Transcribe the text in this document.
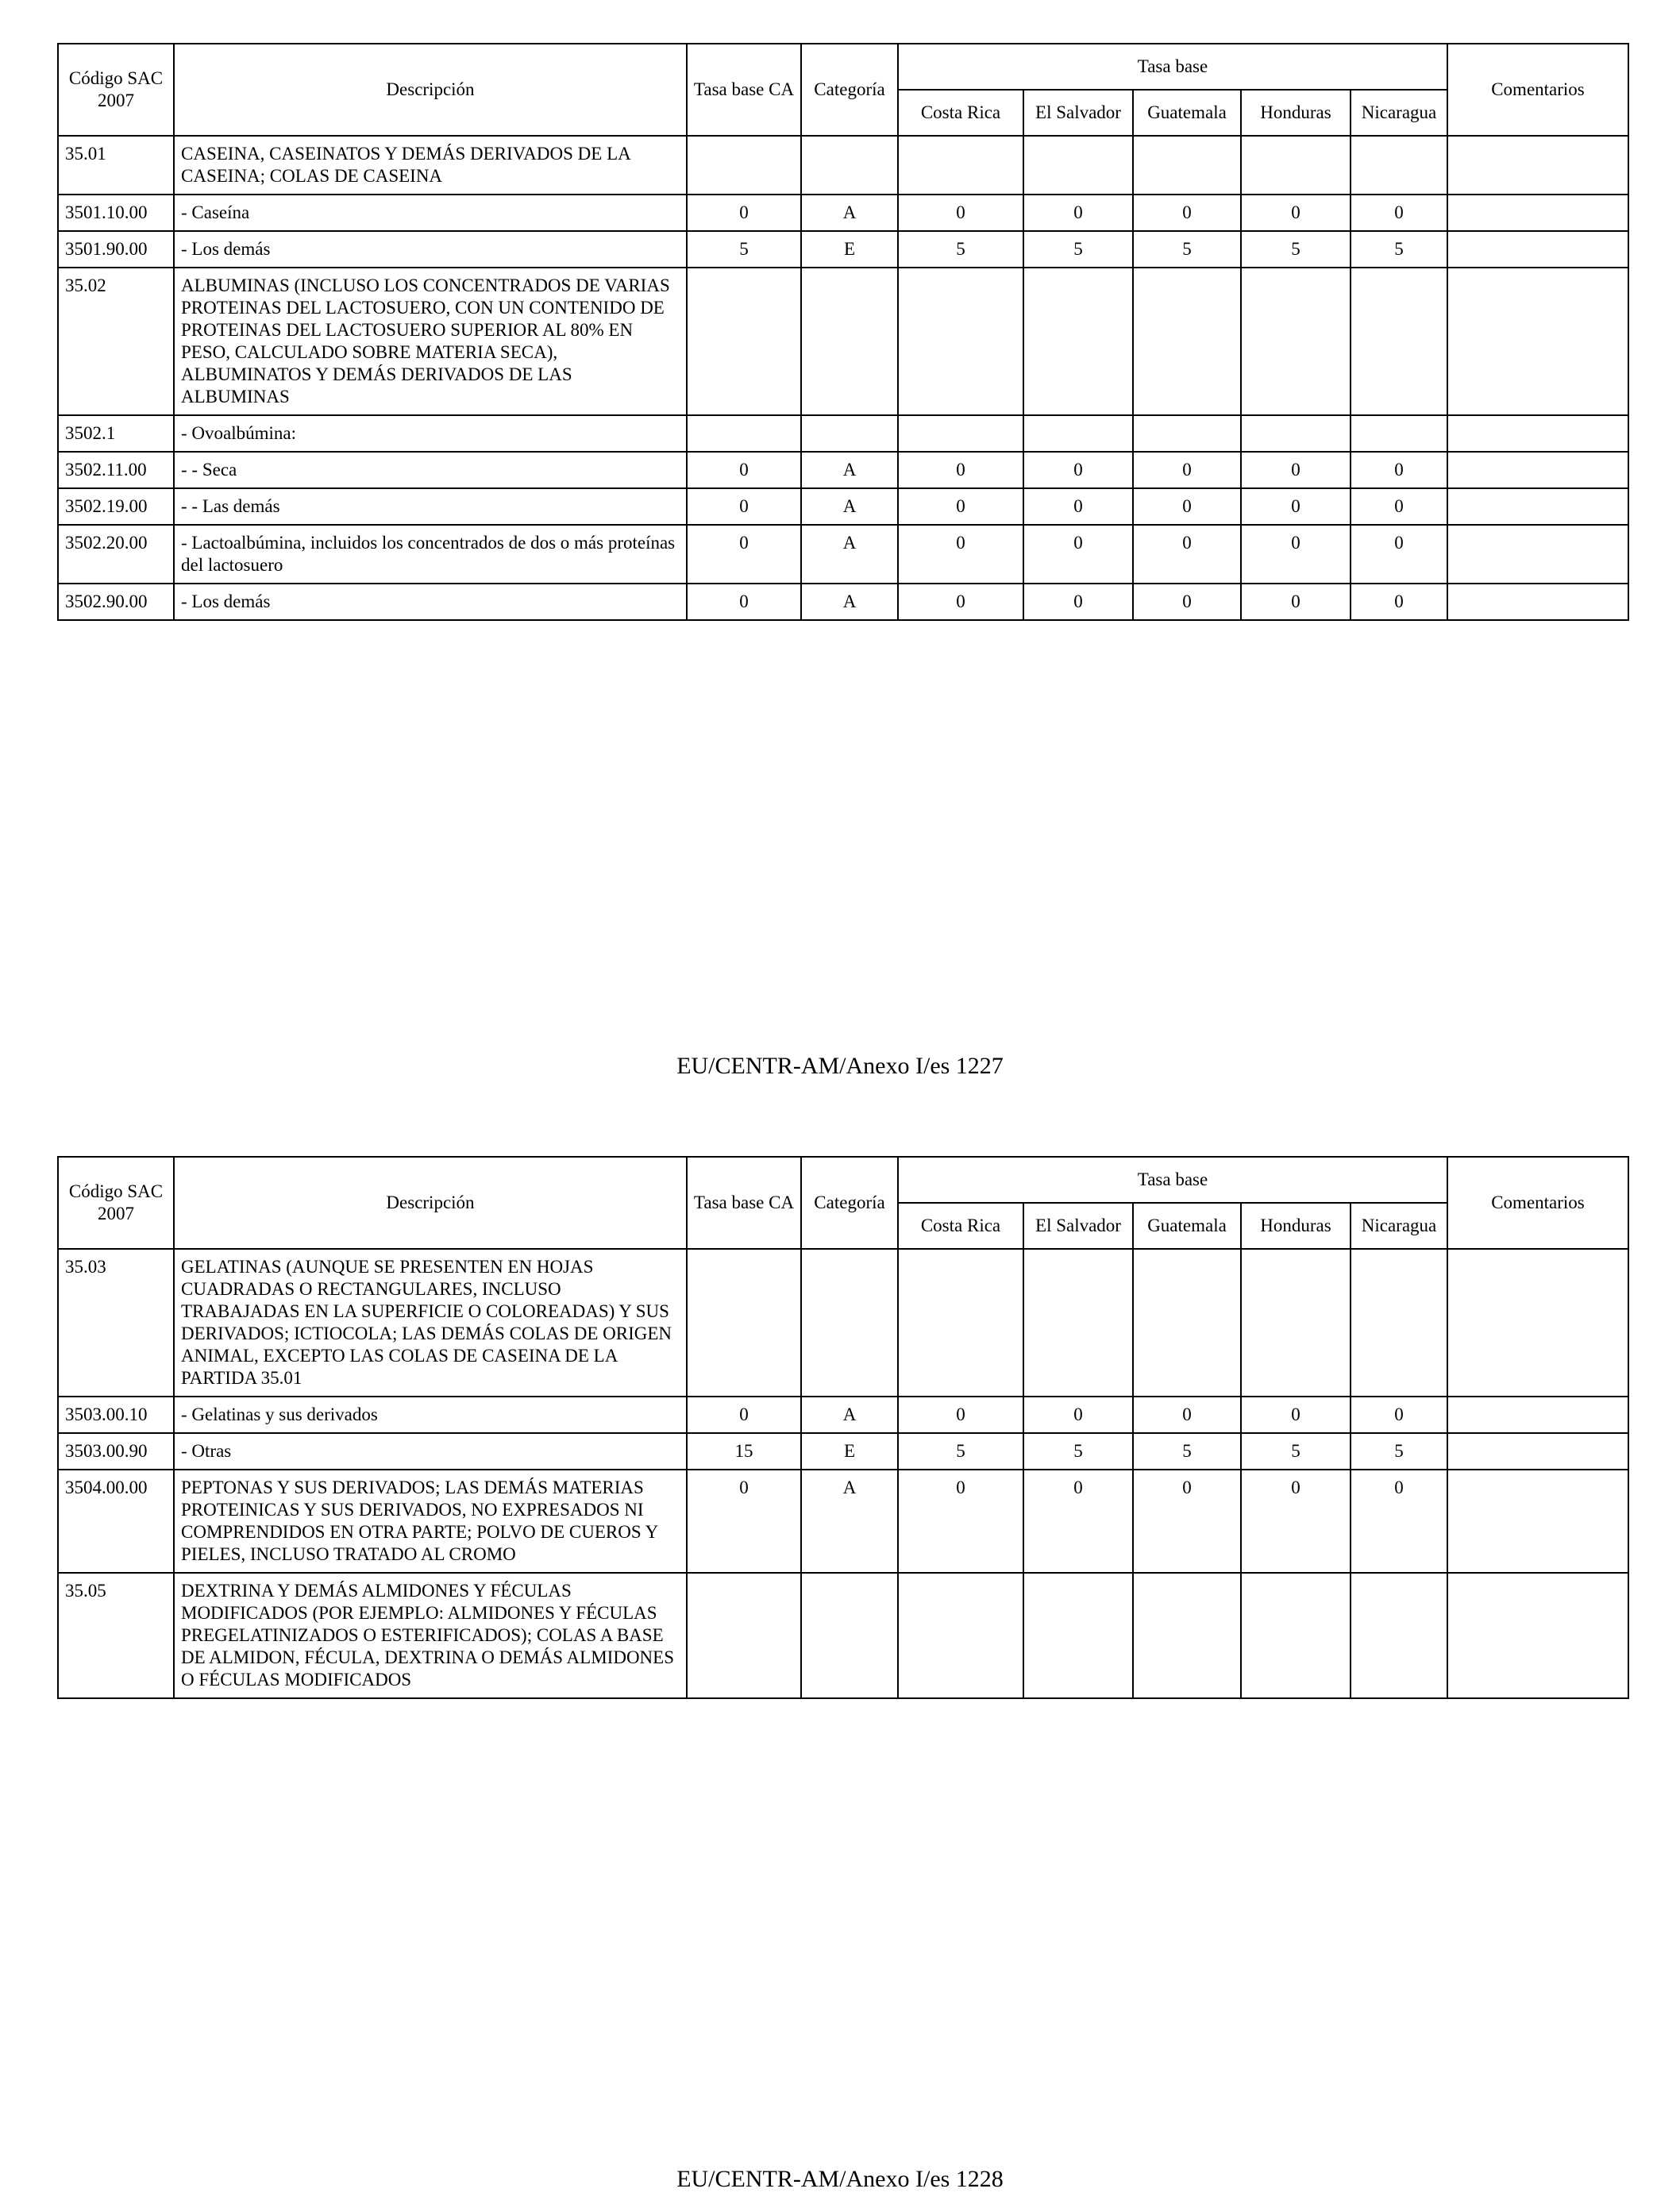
Código SAC 2007	Descripción	Tasa base CA	Categoría	Tasa base					Comentarios
				Costa Rica	El Salvador	Guatemala	Honduras	Nicaragua	
35.01	CASEINA, CASEINATOS Y DEMÁS DERIVADOS DE LA CASEINA; COLAS DE CASEINA								
3501.10.00	- Caseína	0	A	0	0	0	0	0	
3501.90.00	- Los demás	5	E	5	5	5	5	5	
35.02	ALBUMINAS (INCLUSO LOS CONCENTRADOS DE VARIAS PROTEINAS DEL LACTOSUERO, CON UN CONTENIDO DE PROTEINAS DEL LACTOSUERO SUPERIOR AL 80% EN PESO, CALCULADO SOBRE MATERIA SECA), ALBUMINATOS Y DEMÁS DERIVADOS DE LAS ALBUMINAS								
3502.1	- Ovoalbúmina:								
3502.11.00	- - Seca	0	A	0	0	0	0	0	
3502.19.00	- - Las demás	0	A	0	0	0	0	0	
3502.20.00	- Lactoalbúmina, incluidos los concentrados de dos o más proteínas del lactosuero	0	A	0	0	0	0	0	
3502.90.00	- Los demás	0	A	0	0	0	0	0	
EU/CENTR-AM/Anexo I/es 1227
Código SAC 2007	Descripción	Tasa base CA	Categoría	Tasa base					Comentarios
				Costa Rica	El Salvador	Guatemala	Honduras	Nicaragua	
35.03	GELATINAS (AUNQUE SE PRESENTEN EN HOJAS CUADRADAS O RECTANGULARES, INCLUSO TRABAJADAS EN LA SUPERFICIE O COLOREADAS) Y SUS DERIVADOS; ICTIOCOLA; LAS DEMÁS COLAS DE ORIGEN ANIMAL, EXCEPTO LAS COLAS DE CASEINA DE LA PARTIDA 35.01								
3503.00.10	- Gelatinas y sus derivados	0	A	0	0	0	0	0	
3503.00.90	- Otras	15	E	5	5	5	5	5	
3504.00.00	PEPTONAS Y SUS DERIVADOS; LAS DEMÁS MATERIAS PROTEINICAS Y SUS DERIVADOS, NO EXPRESADOS NI COMPRENDIDOS EN OTRA PARTE; POLVO DE CUEROS Y PIELES, INCLUSO TRATADO AL CROMO	0	A	0	0	0	0	0	
35.05	DEXTRINA Y DEMÁS ALMIDONES Y FÉCULAS MODIFICADOS (POR EJEMPLO: ALMIDONES Y FÉCULAS PREGELATINIZADOS O ESTERIFICADOS); COLAS A BASE DE ALMIDON, FÉCULA, DEXTRINA O DEMÁS ALMIDONES O FÉCULAS MODIFICADOS								
EU/CENTR-AM/Anexo I/es 1228
